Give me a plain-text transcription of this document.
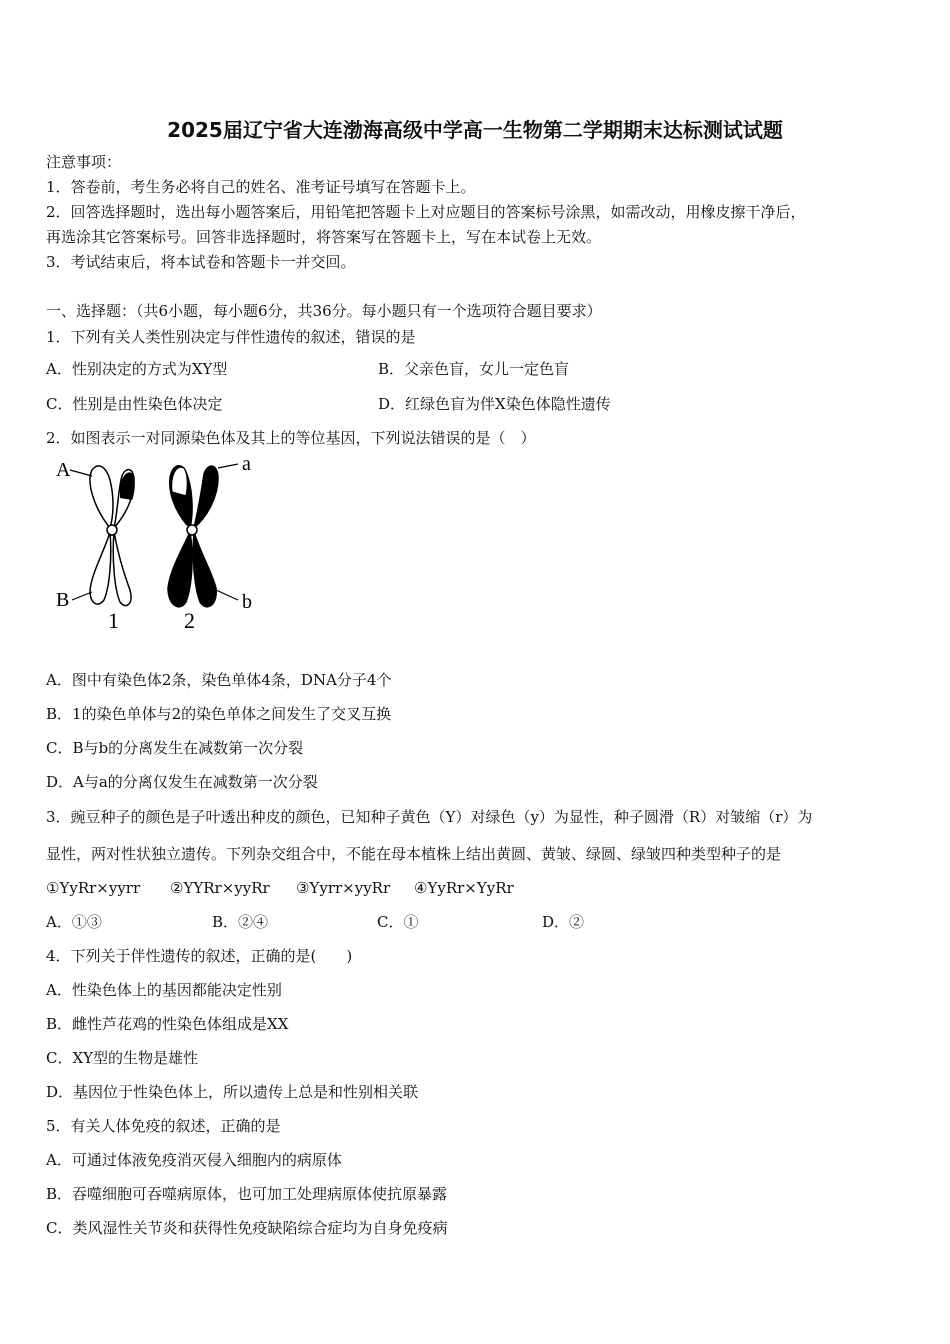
2025届辽宁省大连渤海高级中学高一生物第二学期期末达标测试试题
注意事项：
1．答卷前，考生务必将自己的姓名、准考证号填写在答题卡上。
2．回答选择题时，选出每小题答案后，用铅笔把答题卡上对应题目的答案标号涂黑，如需改动，用橡皮擦干净后，
再选涂其它答案标号。回答非选择题时，将答案写在答题卡上，写在本试卷上无效。
3．考试结束后，将本试卷和答题卡一并交回。
一、选择题：（共6小题，每小题6分，共36分。每小题只有一个选项符合题目要求）
1．下列有关人类性别决定与伴性遗传的叙述，错误的是
A．性别决定的方式为XY型	B．父亲色盲，女儿一定色盲
C．性别是由性染色体决定	D．红绿色盲为伴X染色体隐性遗传
2．如图表示一对同源染色体及其上的等位基因，下列说法错误的是（　）
A
B
a
b
1	2
A．图中有染色体2条，染色单体4条，DNA分子4个
B．1的染色单体与2的染色单体之间发生了交叉互换
C．B与b的分离发生在减数第一次分裂
D．A与a的分离仅发生在减数第一次分裂
3．豌豆种子的颜色是子叶透出种皮的颜色，已知种子黄色（Y）对绿色（y）为显性，种子圆滑（R）对皱缩（r）为
显性，两对性状独立遗传。下列杂交组合中，不能在母本植株上结出黄圆、黄皱、绿圆、绿皱四种类型种子的是
①YyRr×yyrr ②YYRr×yyRr ③Yyrr×yyRr ④YyRr×YyRr
A．①③	B．②④	C．①	D．②
4．下列关于伴性遗传的叙述，正确的是(　　)
A．性染色体上的基因都能决定性别
B．雌性芦花鸡的性染色体组成是XX
C．XY型的生物是雄性
D．基因位于性染色体上，所以遗传上总是和性别相关联
5．有关人体免疫的叙述，正确的是
A．可通过体液免疫消灭侵入细胞内的病原体
B．吞噬细胞可吞噬病原体，也可加工处理病原体使抗原暴露
C．类风湿性关节炎和获得性免疫缺陷综合症均为自身免疫病
